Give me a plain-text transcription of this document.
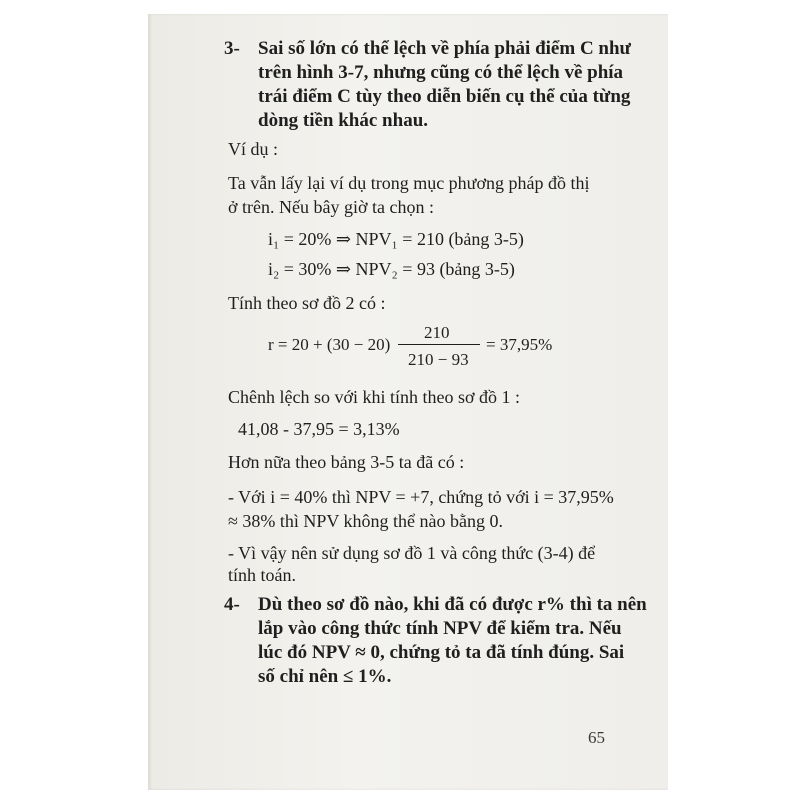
3- Sai số lớn có thể lệch về phía phải điểm C như
trên hình 3-7, nhưng cũng có thể lệch về phía
trái điểm C tùy theo diễn biến cụ thể của từng
dòng tiền khác nhau.
Ví dụ :
Ta vẫn lấy lại ví dụ trong mục phương pháp đồ thị
ở trên. Nếu bây giờ ta chọn :
i₁ = 20% ⇒ NPV₁ = 210 (bảng 3-5)
i₂ = 30% ⇒ NPV₂ = 93 (bảng 3-5)
Tính theo sơ đồ 2 có :
r = 20 + (30 − 20)
210
210 − 93
= 37,95%
Chênh lệch so với khi tính theo sơ đồ 1 :
41,08 - 37,95 = 3,13%
Hơn nữa theo bảng 3-5 ta đã có :
- Với i = 40% thì NPV = +7, chứng tỏ với i = 37,95%
≈ 38% thì NPV không thể nào bằng 0.
- Vì vậy nên sử dụng sơ đồ 1 và công thức (3-4) để
tính toán.
4- Dù theo sơ đồ nào, khi đã có được r% thì ta nên
lắp vào công thức tính NPV để kiểm tra. Nếu
lúc đó NPV ≈ 0, chứng tỏ ta đã tính đúng. Sai
số chỉ nên ≤ 1%.
65
